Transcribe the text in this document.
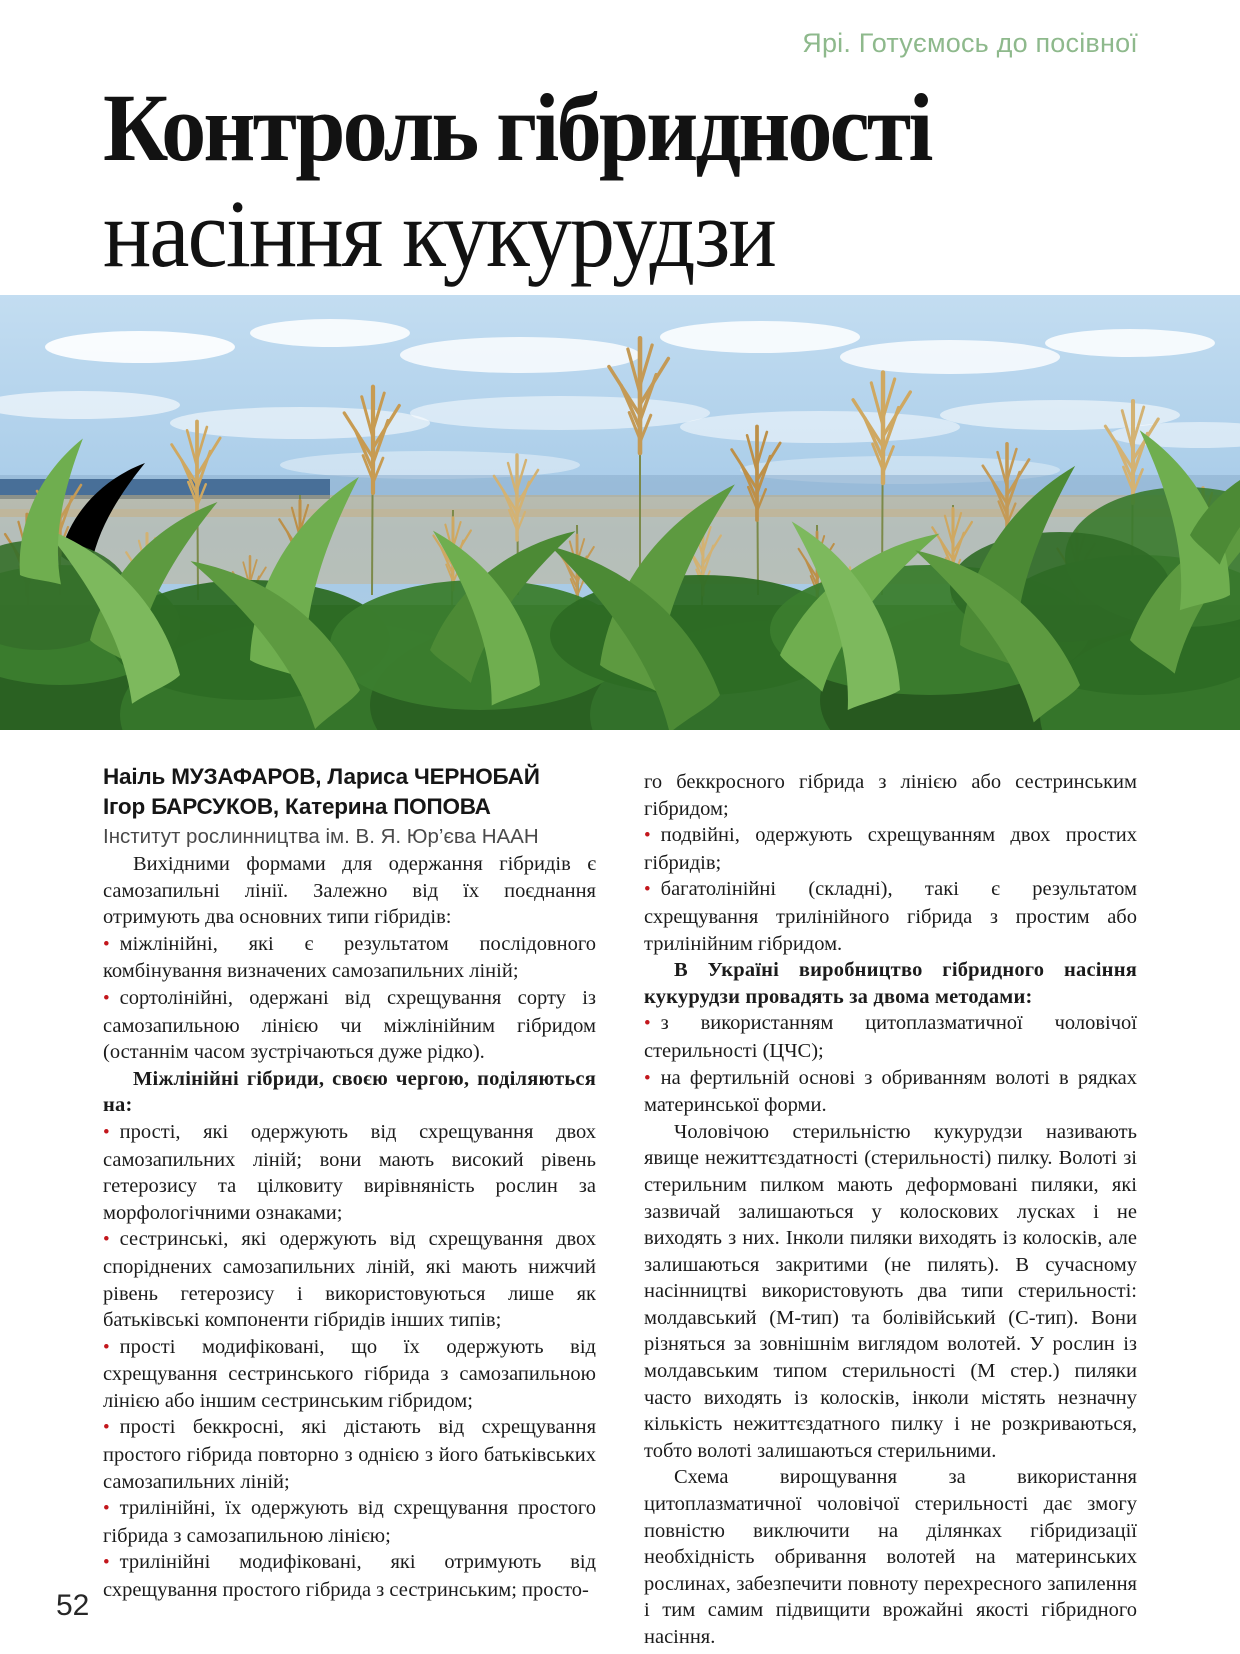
Ярі. Готуємось до посівної
Контроль гібридності
насіння кукурудзи
Наіль МУЗАФАРОВ, Лариса ЧЕРНОБАЙ
Ігор БАРСУКОВ, Катерина ПОПОВА
Інститут рослинництва ім. В. Я. Юр’єва НААН

Вихідними формами для одержання гібридів є самозапильні лінії. Залежно від їх поєднання отримують два основних типи гібридів:

• міжлінійні, які є результатом послідовного комбінування визначених самозапильних ліній;

• сортолінійні, одержані від схрещування сорту із самозапильною лінією чи міжлінійним гібридом (останнім часом зустрічаються дуже рідко).

Міжлінійні гібриди, своєю чергою, поділяються на:

• прості, які одержують від схрещування двох самозапильних ліній; вони мають високий рівень гетерозису та цілковиту вирівняність рослин за морфологічними ознаками;

• сестринські, які одержують від схрещування двох споріднених самозапильних ліній, які мають нижчий рівень гетерозису і використовуються лише як батьківські компоненти гібридів інших типів;

• прості модифіковані, що їх одержують від схрещування сестринського гібрида з самозапильною лінією або іншим сестринським гібридом;

• прості беккросні, які дістають від схрещування простого гібрида повторно з однією з його батьківських самозапильних ліній;

• трилінійні, їх одержують від схрещування простого гібрида з самозапильною лінією;

• трилінійні модифіковані, які отримують від схрещування простого гібрида з сестринським; просто-

го беккросного гібрида з лінією або сестринським гібридом;

• подвійні, одержують схрещуванням двох простих гібридів;

• багатолінійні (складні), такі є результатом схрещування трилінійного гібрида з простим або трилінійним гібридом.

В Україні виробництво гібридного насіння кукурудзи провадять за двома методами:

• з використанням цитоплазматичної чоловічої стерильності (ЦЧС);

• на фертильній основі з обриванням волоті в рядках материнської форми.

Чоловічою стерильністю кукурудзи називають явище нежиттєздатності (стерильності) пилку. Волоті зі стерильним пилком мають деформовані пиляки, які зазвичай залишаються у колоскових лусках і не виходять з них. Інколи пиляки виходять із колосків, але залишаються закритими (не пилять). В сучасному насінництві використовують два типи стерильності: молдавський (М-тип) та болівійський (С-тип). Вони різняться за зовнішнім виглядом волотей. У рослин із молдавським типом стерильності (М стер.) пиляки часто виходять із колосків, інколи містять незначну кількість нежиттєздатного пилку і не розкриваються, тобто волоті залишаються стерильними.

Схема вирощування за використання цитоплазматичної чоловічої стерильності дає змогу повністю виключити на ділянках гібридизації необхідність обривання волотей на материнських рослинах, забезпечити повноту перехресного запилення і тим самим підвищити врожайні якості гібридного насіння.

52
